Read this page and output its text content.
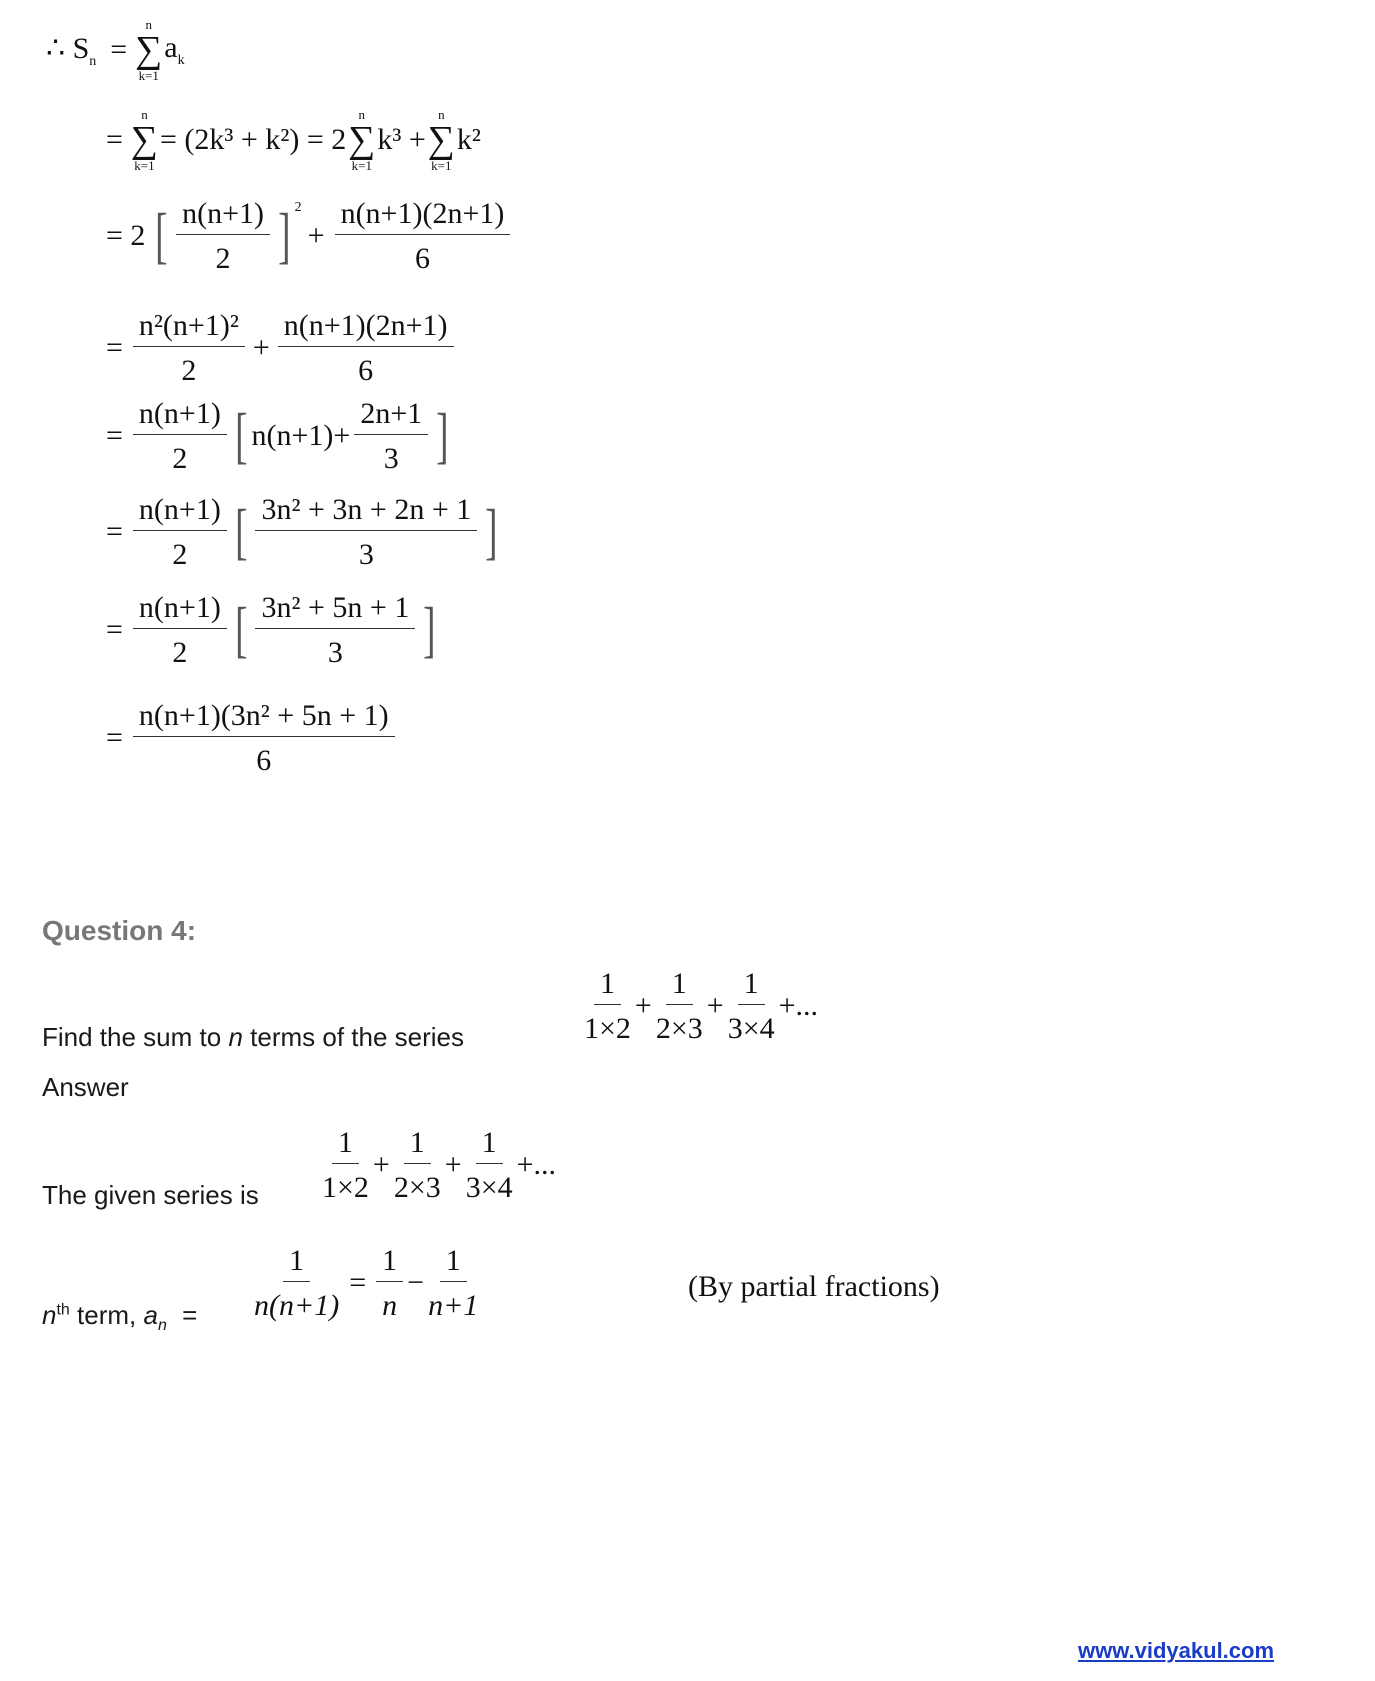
∴ $S_n$ =
n
∑
k=1
$a_k$
=
n
∑
k=1
= (2k³ + k²) = 2
n
∑
k=1
k³ +
n
∑
k=1
k²
= 2 [ $\frac{n(n+1)}{2}$ ] $^2$
+ $\frac{n(n+1)(2n+1)}{6}$
= $\frac{\text{n²(n+1)²}}{2} + \frac{n(n+1)(2n+1)}{6}$
= $\frac{n(n+1)}{2}$ [ $n(n+1)+ \frac{2n+1}{3}$ ]
= $\frac{n(n+1)}{2}$ [ $\frac{\text{3n² + 3n + 2n + 1}}{3}$ ]
= $\frac{n(n+1)}{2}$ [ $\frac{\text{3n² + 5n + 1}}{3}$ ]
= $\frac{\text{n(n+1)(3n² + 5n + 1)}}{6}$
Question 4:
Find the sum to n terms of the series	$\frac{1}{1\times 2} + \frac{1}{2\times 3} + \frac{1}{3\times 4}$ +...
Answer
The given series is $\frac{1}{1\times 2} + \frac{1}{2\times 3} + \frac{1}{3\times 4}$ +...
$n^{th}$ term, $a_n = \frac{1}{n(n+1)} = \frac{1}{n} - \frac{1}{n+1}$	(By partial fractions)
www.vidyakul.com
